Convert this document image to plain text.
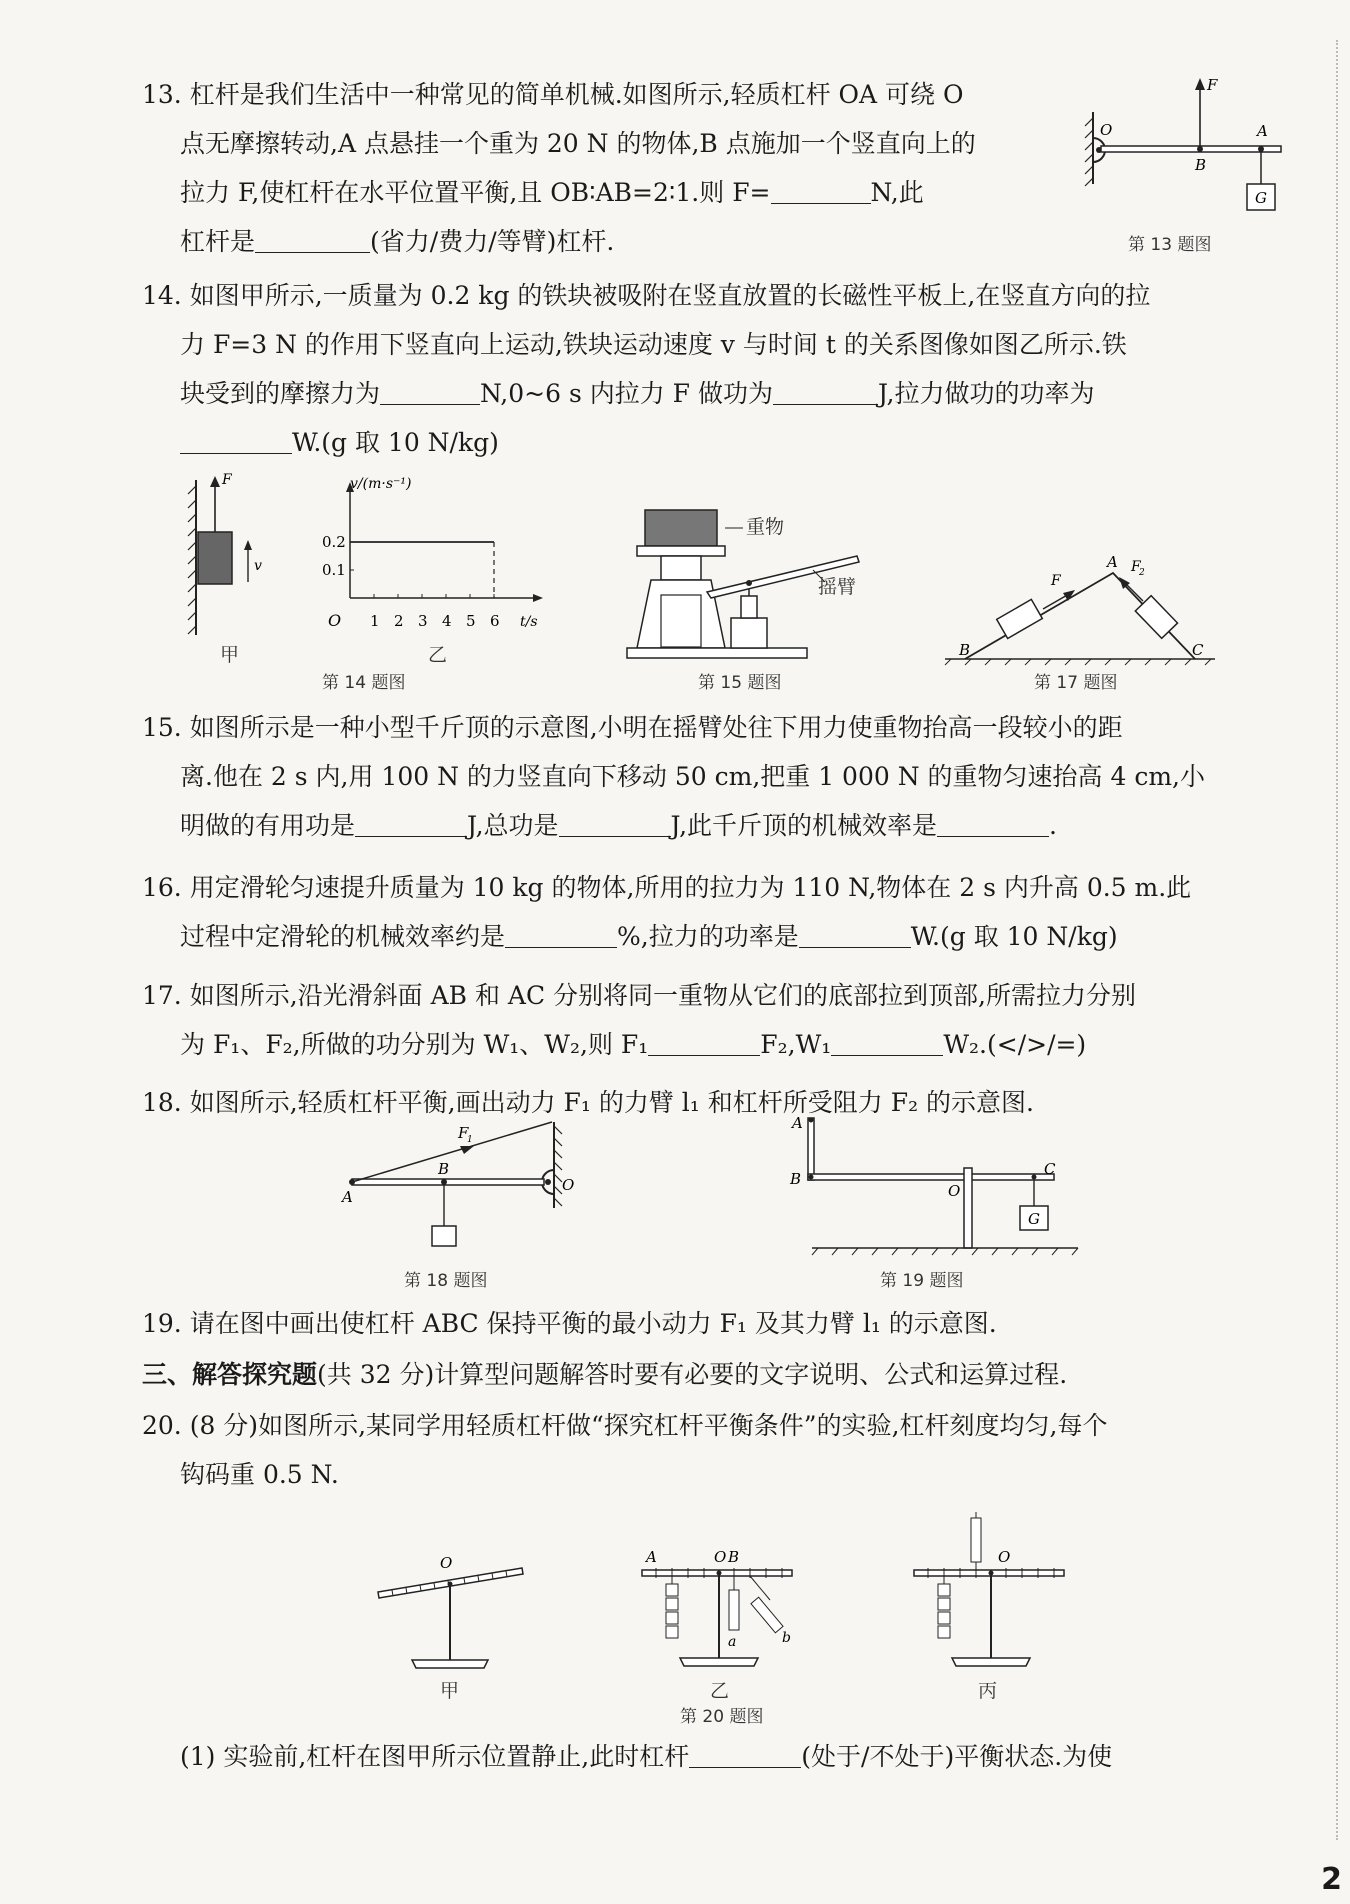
13. 杠杆是我们生活中一种常见的简单机械.如图所示,轻质杠杆 OA 可绕 O
点无摩擦转动,A 点悬挂一个重为 20 N 的物体,B 点施加一个竖直向上的
拉力 F,使杠杆在水平位置平衡,且 OB∶AB=2∶1.则 F=	N,此
杠杆是	(省力/费力/等臂)杠杆.
G
F
O
B
A
第 13 题图
14. 如图甲所示,一质量为 0.2 kg 的铁块被吸附在竖直放置的长磁性平板上,在竖直方向的拉
力 F=3 N 的作用下竖直向上运动,铁块运动速度 v 与时间 t 的关系图像如图乙所示.铁
块受到的摩擦力为	N,0~6 s 内拉力 F 做功为	J,拉力做功的功率为
W.(g 取 10 N/kg)
F
v
甲
1 2 3 4 5 6
0.2
0.1
v/(m·s⁻¹)
t/s
O
乙
第 14 题图
重物
摇臂
第 15 题图
F
F
2
A
B	C
第 17 题图
15. 如图所示是一种小型千斤顶的示意图,小明在摇臂处往下用力使重物抬高一段较小的距
离.他在 2 s 内,用 100 N 的力竖直向下移动 50 cm,把重 1 000 N 的重物匀速抬高 4 cm,小
明做的有用功是	J,总功是	J,此千斤顶的机械效率是	.
16. 用定滑轮匀速提升质量为 10 kg 的物体,所用的拉力为 110 N,物体在 2 s 内升高 0.5 m.此
过程中定滑轮的机械效率约是	%,拉力的功率是	W.(g 取 10 N/kg)
17. 如图所示,沿光滑斜面 AB 和 AC 分别将同一重物从它们的底部拉到顶部,所需拉力分别
为 F₁、F₂,所做的功分别为 W₁、W₂,则 F₁	F₂,W₁	W₂.(</>/=)
18. 如图所示,轻质杠杆平衡,画出动力 F₁ 的力臂 l₁ 和杠杆所受阻力 F₂ 的示意图.
F
1
B
A
O
第 18 题图
G
A
B
O
C
第 19 题图
19. 请在图中画出使杠杆 ABC 保持平衡的最小动力 F₁ 及其力臂 l₁ 的示意图.
三、解答探究题(共 32 分)计算型问题解答时要有必要的文字说明、公式和运算过程.
20. (8 分)如图所示,某同学用轻质杠杆做“探究杠杆平衡条件”的实验,杠杆刻度均匀,每个
钩码重 0.5 N.
O
甲
A	O B
a	b
乙
第 20 题图
O
丙
(1) 实验前,杠杆在图甲所示位置静止,此时杠杆	(处于/不处于)平衡状态.为使
2
